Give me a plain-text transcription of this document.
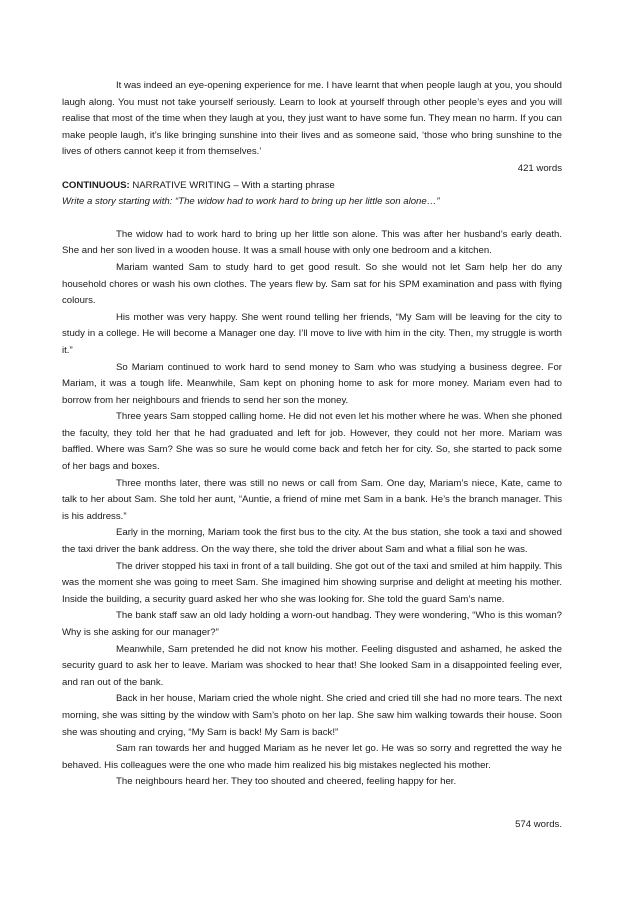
It was indeed an eye-opening experience for me. I have learnt that when people laugh at you, you should laugh along. You must not take yourself seriously. Learn to look at yourself through other people’s eyes and you will realise that most of the time when they laugh at you, they just want to have some fun. They mean no harm. If you can make people laugh, it’s like bringing sunshine into their lives and as someone said, ‘those who bring sunshine to the lives of others cannot keep it from themselves.’

421 words

CONTINUOUS: NARRATIVE WRITING – With a starting phrase

Write a story starting with: “The widow had to work hard to bring up her little son alone…”

The widow had to work hard to bring up her little son alone. This was after her husband’s early death. She and her son lived in a wooden house. It was a small house with only one bedroom and a kitchen.

Mariam wanted Sam to study hard to get good result. So she would not let Sam help her do any household chores or wash his own clothes. The years flew by. Sam sat for his SPM examination and pass with flying colours.

His mother was very happy. She went round telling her friends, “My Sam will be leaving for the city to study in a college. He will become a Manager one day. I’ll move to live with him in the city. Then, my struggle is worth it.”

So Mariam continued to work hard to send money to Sam who was studying a business degree. For Mariam, it was a tough life. Meanwhile, Sam kept on phoning home to ask for more money. Mariam even had to borrow from her neighbours and friends to send her son the money.

Three years Sam stopped calling home. He did not even let his mother where he was. When she phoned the faculty, they told her that he had graduated and left for job. However, they could not her more. Mariam was baffled. Where was Sam? She was so sure he would come back and fetch her for city. So, she started to pack some of her bags and boxes.

Three months later, there was still no news or call from Sam. One day, Mariam’s niece, Kate, came to talk to her about Sam. She told her aunt, “Auntie, a friend of mine met Sam in a bank. He’s the branch manager. This is his address.”

Early in the morning, Mariam took the first bus to the city. At the bus station, she took a taxi and showed the taxi driver the bank address. On the way there, she told the driver about Sam and what a filial son he was.

The driver stopped his taxi in front of a tall building. She got out of the taxi and smiled at him happily. This was the moment she was going to meet Sam. She imagined him showing surprise and delight at meeting his mother. Inside the building, a security guard asked her who she was looking for. She told the guard Sam’s name.

The bank staff saw an old lady holding a worn-out handbag. They were wondering, “Who is this woman? Why is she asking for our manager?”

Meanwhile, Sam pretended he did not know his mother. Feeling disgusted and ashamed, he asked the security guard to ask her to leave. Mariam was shocked to hear that! She looked Sam in a disappointed feeling ever, and ran out of the bank.

Back in her house, Mariam cried the whole night. She cried and cried till she had no more tears. The next morning, she was sitting by the window with Sam’s photo on her lap. She saw him walking towards their house. Soon she was shouting and crying, “My Sam is back! My Sam is back!”

Sam ran towards her and hugged Mariam as he never let go. He was so sorry and regretted the way he behaved. His colleagues were the one who made him realized his big mistakes neglected his mother.

The neighbours heard her. They too shouted and cheered, feeling happy for her.

574 words.
